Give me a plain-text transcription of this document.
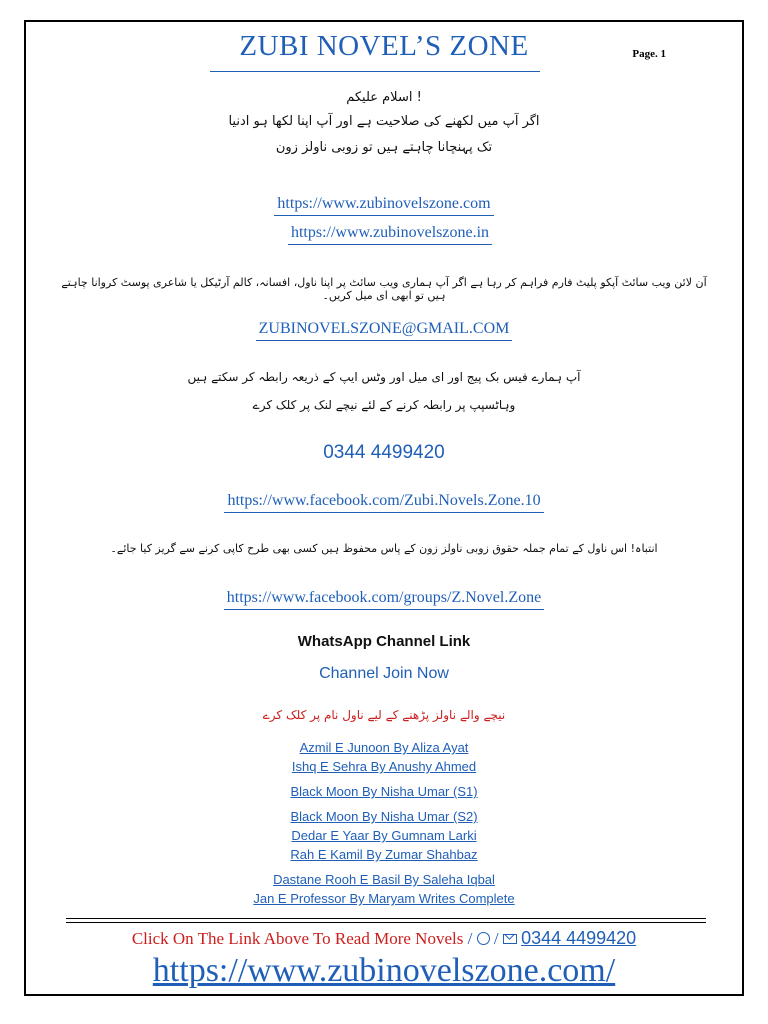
ZUBI NOVEL’S ZONE	Page. 1
! اسلام علیکم
اگر آپ میں لکھنے کی صلاحیت ہے اور آپ اپنا لکھا ہو ادنیا
تک پہنچانا چاہتے ہیں تو زوبی ناولز زون
https://www.zubinovelszone.com
https://www.zubinovelszone.in
آن لائن ویب سائٹ آپکو پلیٹ فارم فراہم کر رہا ہے اگر آپ ہماری ویب سائٹ پر اپنا ناول، افسانہ، کالم آرٹیکل یا شاعری پوسٹ کروانا چاہتے ہیں تو ابھی ای میل کریں۔
ZUBINOVELSZONE@GMAIL.COM
آپ ہمارے فیس بک پیج اور ای میل اور وٹس ایپ کے ذریعہ رابطہ کر سکتے ہیں
وہاٹسپپ پر رابطہ کرنے کے لئے نیچے لنک پر کلک کرے
0344 4499420
https://www.facebook.com/Zubi.Novels.Zone.10
انتباہ! اس ناول کے تمام جملہ حقوق زوبی ناولز زون کے پاس محفوظ ہیں کسی بھی طرح کاپی کرنے سے گریز کیا جائے۔
https://www.facebook.com/groups/Z.Novel.Zone
WhatsApp Channel Link
Channel Join Now
نیچے والے ناولز پڑھنے کے لیے ناول نام پر کلک کرے
Azmil E Junoon By Aliza Ayat
Ishq E Sehra By Anushy Ahmed
Black Moon By Nisha Umar (S1)
Black Moon By Nisha Umar (S2)
Dedar E Yaar By Gumnam Larki
Rah E Kamil By Zumar Shahbaz
Dastane Rooh E Basil By Saleha Iqbal
Jan E Professor By Maryam Writes Complete
Click On The Link Above To Read More Novels / / 0344 4499420
https://www.zubinovelszone.com/
